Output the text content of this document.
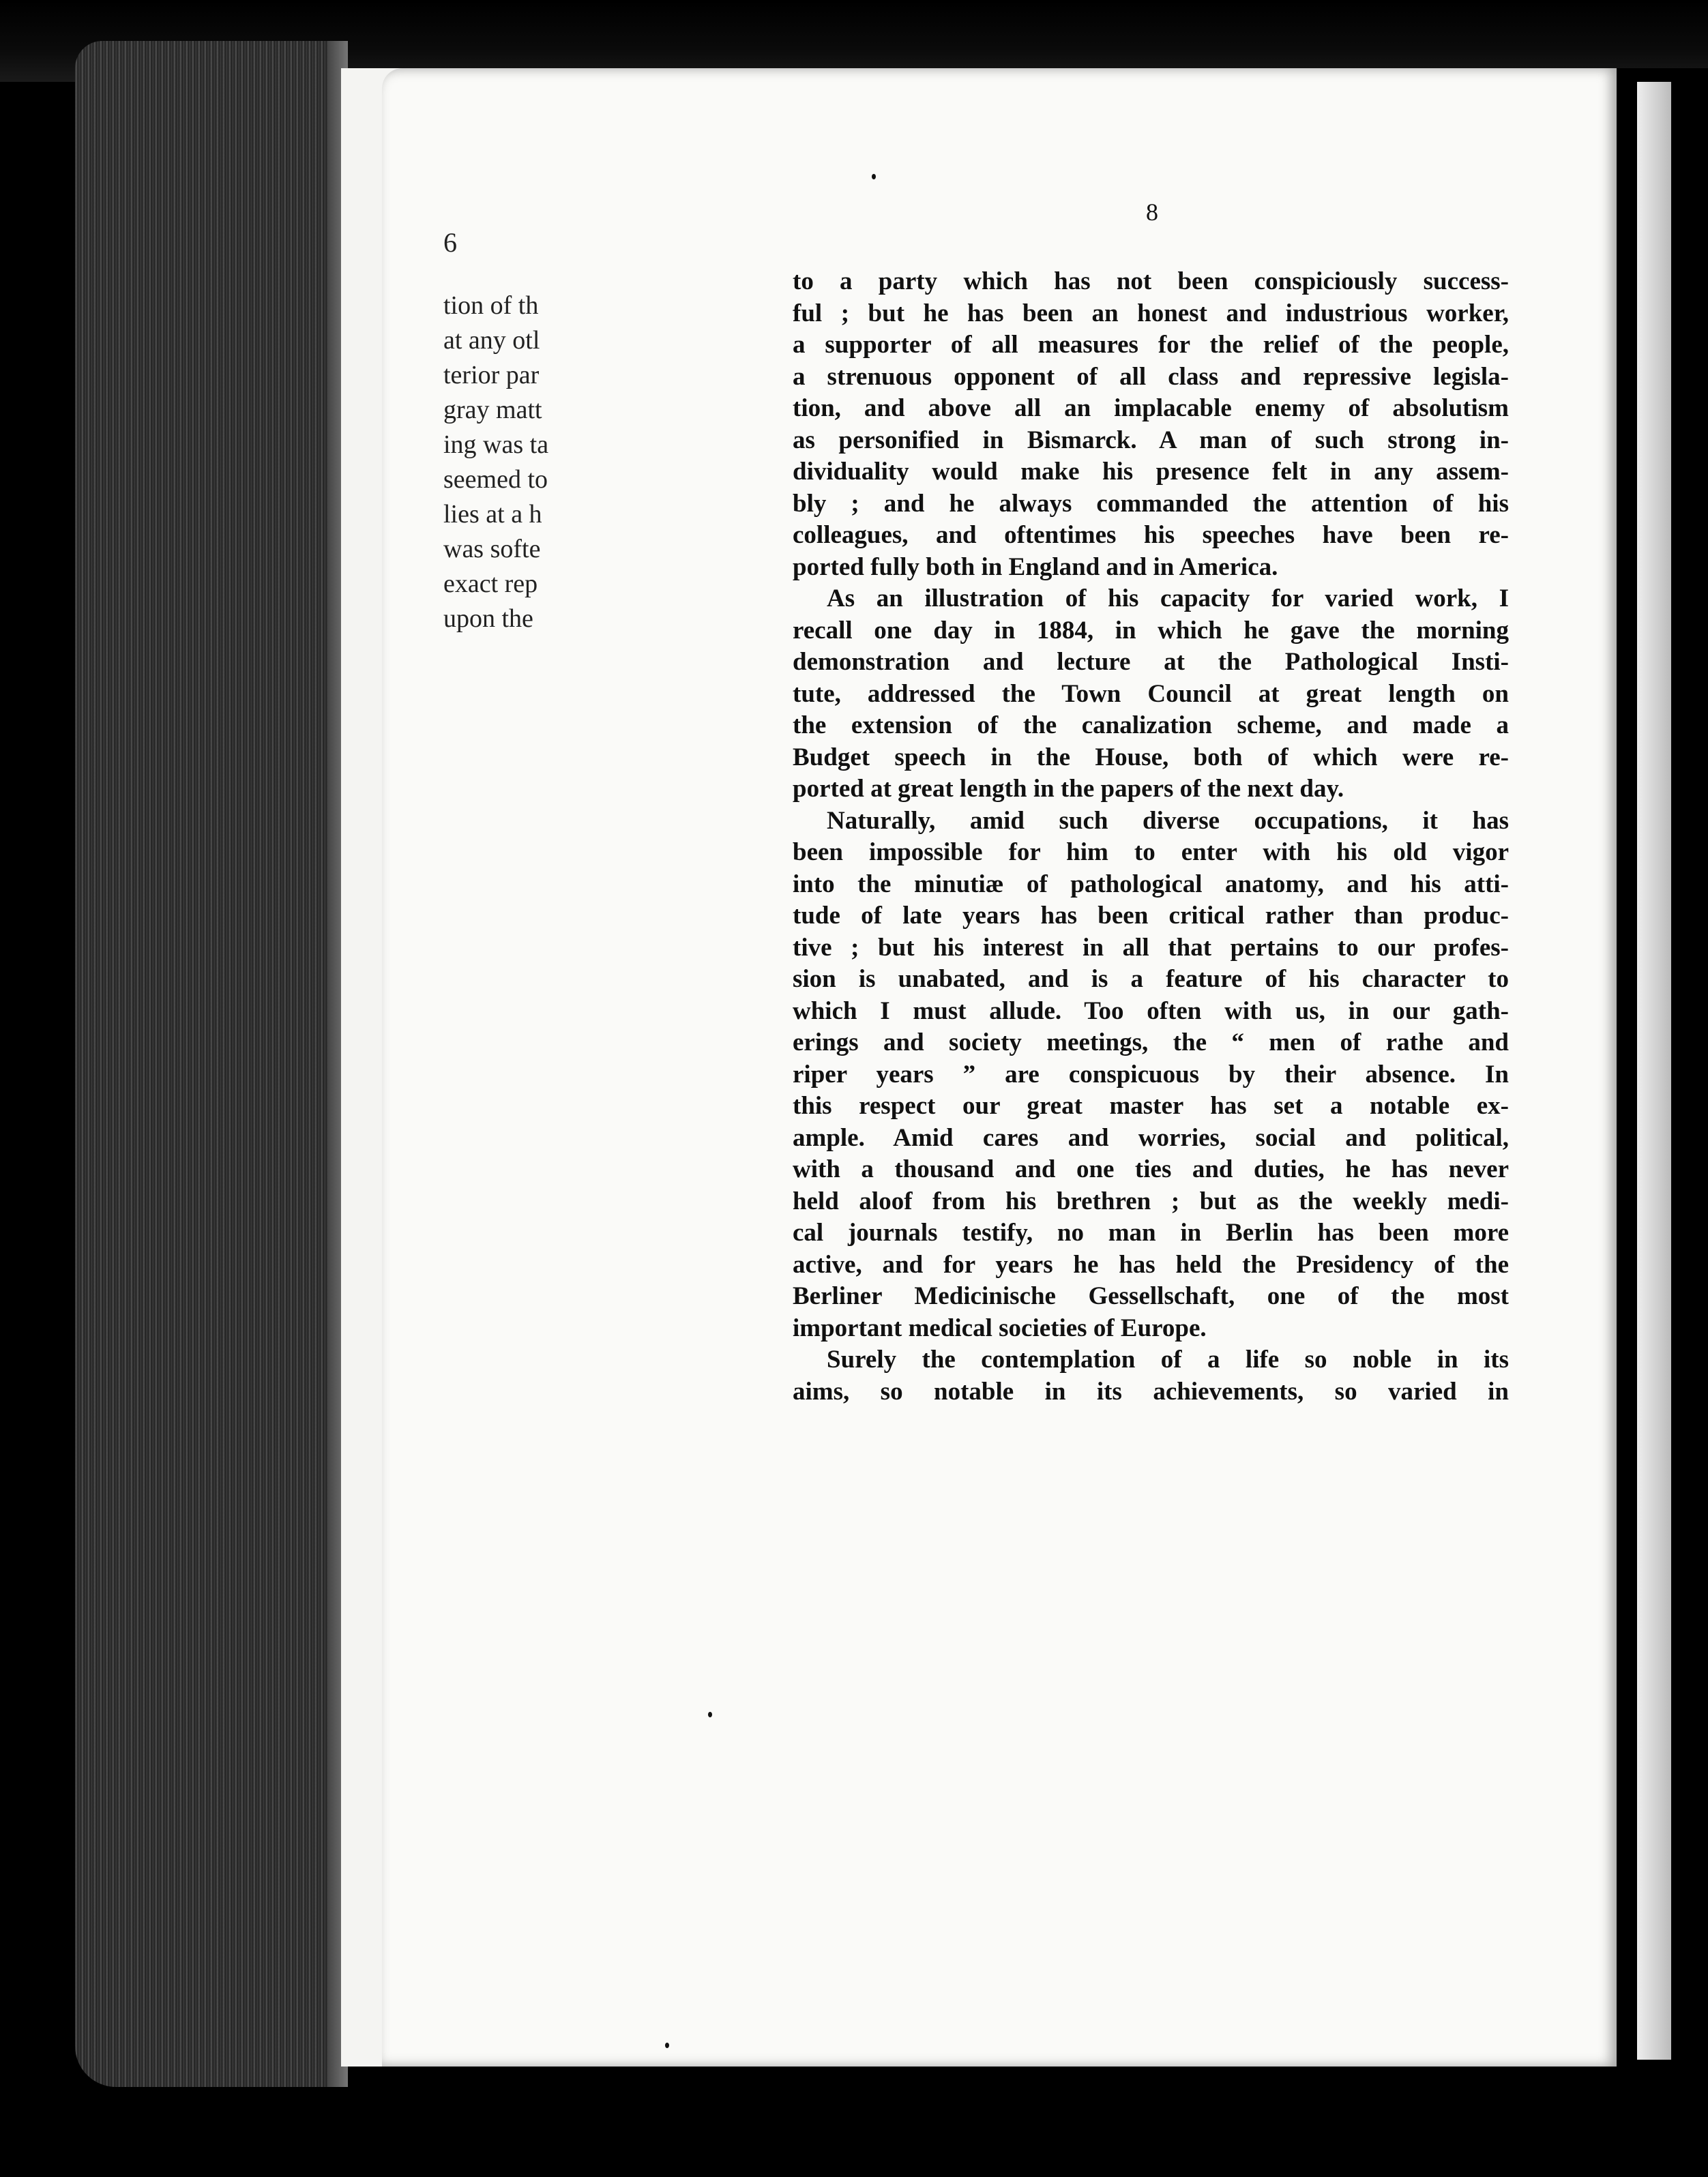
6
tion of th
at any otl
terior par
gray matt
ing was ta
seemed to
lies at a h
was softe
exact rep
upon the
8
to a party which has not been conspiciously success-
ful ; but he has been an honest and industrious worker,
a supporter of all measures for the relief of the people,
a strenuous opponent of all class and repressive legisla-
tion, and above all an implacable enemy of absolutism
as personified in Bismarck. A man of such strong in-
dividuality would make his presence felt in any assem-
bly ; and he always commanded the attention of his
colleagues, and oftentimes his speeches have been re-
ported fully both in England and in America.
As an illustration of his capacity for varied work, I
recall one day in 1884, in which he gave the morning
demonstration and lecture at the Pathological Insti-
tute, addressed the Town Council at great length on
the extension of the canalization scheme, and made a
Budget speech in the House, both of which were re-
ported at great length in the papers of the next day.
Naturally, amid such diverse occupations, it has
been impossible for him to enter with his old vigor
into the minutiæ of pathological anatomy, and his atti-
tude of late years has been critical rather than produc-
tive ; but his interest in all that pertains to our profes-
sion is unabated, and is a feature of his character to
which I must allude. Too often with us, in our gath-
erings and society meetings, the “ men of rathe and
riper years ” are conspicuous by their absence. In
this respect our great master has set a notable ex-
ample. Amid cares and worries, social and political,
with a thousand and one ties and duties, he has never
held aloof from his brethren ; but as the weekly medi-
cal journals testify, no man in Berlin has been more
active, and for years he has held the Presidency of the
Berliner Medicinische Gessellschaft, one of the most
important medical societies of Europe.
Surely the contemplation of a life so noble in its
aims, so notable in its achievements, so varied in
